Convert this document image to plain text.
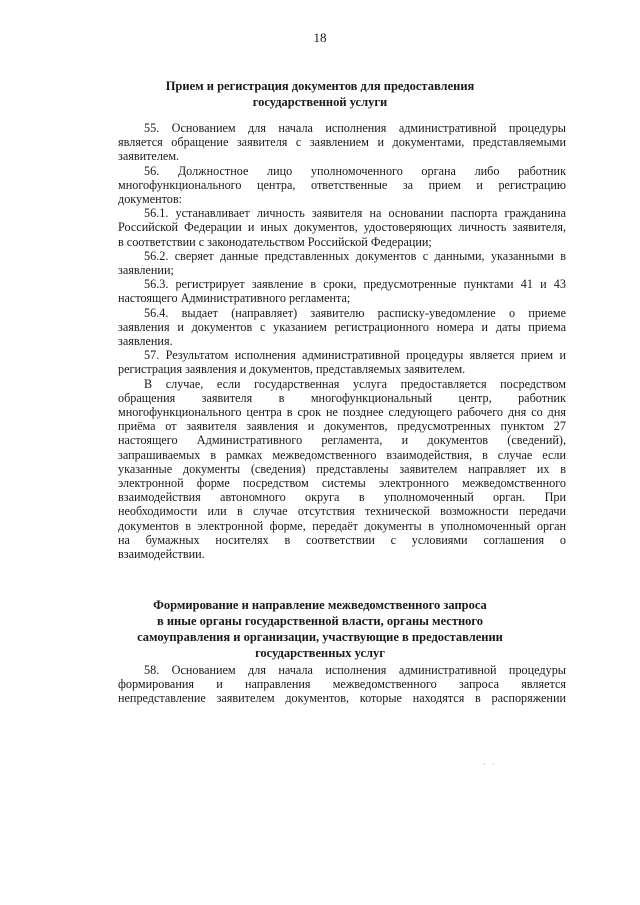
18
Прием и регистрация документов для предоставления
государственной услуги
55. Основанием для начала исполнения административной процедуры
является обращение заявителя с заявлением и документами, представляемыми
заявителем.
56. Должностное лицо уполномоченного органа либо работник
многофункционального центра, ответственные за прием и регистрацию
документов:
56.1. устанавливает личность заявителя на основании паспорта гражданина
Российской Федерации и иных документов, удостоверяющих личность заявителя,
в соответствии с законодательством Российской Федерации;
56.2. сверяет данные представленных документов с данными, указанными в
заявлении;
56.3. регистрирует заявление в сроки, предусмотренные пунктами 41 и 43
настоящего Административного регламента;
56.4. выдает (направляет) заявителю расписку-уведомление о приеме
заявления и документов с указанием регистрационного номера и даты приема
заявления.
57. Результатом исполнения административной процедуры является прием и
регистрация заявления и документов, представляемых заявителем.
В случае, если государственная услуга предоставляется посредством
обращения заявителя в многофункциональный центр, работник
многофункционального центра в срок не позднее следующего рабочего дня со дня
приёма от заявителя заявления и документов, предусмотренных пунктом 27
настоящего Административного регламента, и документов (сведений),
запрашиваемых в рамках межведомственного взаимодействия, в случае если
указанные документы (сведения) представлены заявителем направляет их в
электронной форме посредством системы электронного межведомственного
взаимодействия автономного округа в уполномоченный орган. При
необходимости или в случае отсутствия технической возможности передачи
документов в электронной форме, передаёт документы в уполномоченный орган
на бумажных носителях в соответствии с условиями соглашения о
взаимодействии.
Формирование и направление межведомственного запроса
в иные органы государственной власти, органы местного
самоуправления и организации, участвующие в предоставлении
государственных услуг
58. Основанием для начала исполнения административной процедуры
формирования и направления межведомственного запроса является
непредставление заявителем документов, которые находятся в распоряжении
· ·
